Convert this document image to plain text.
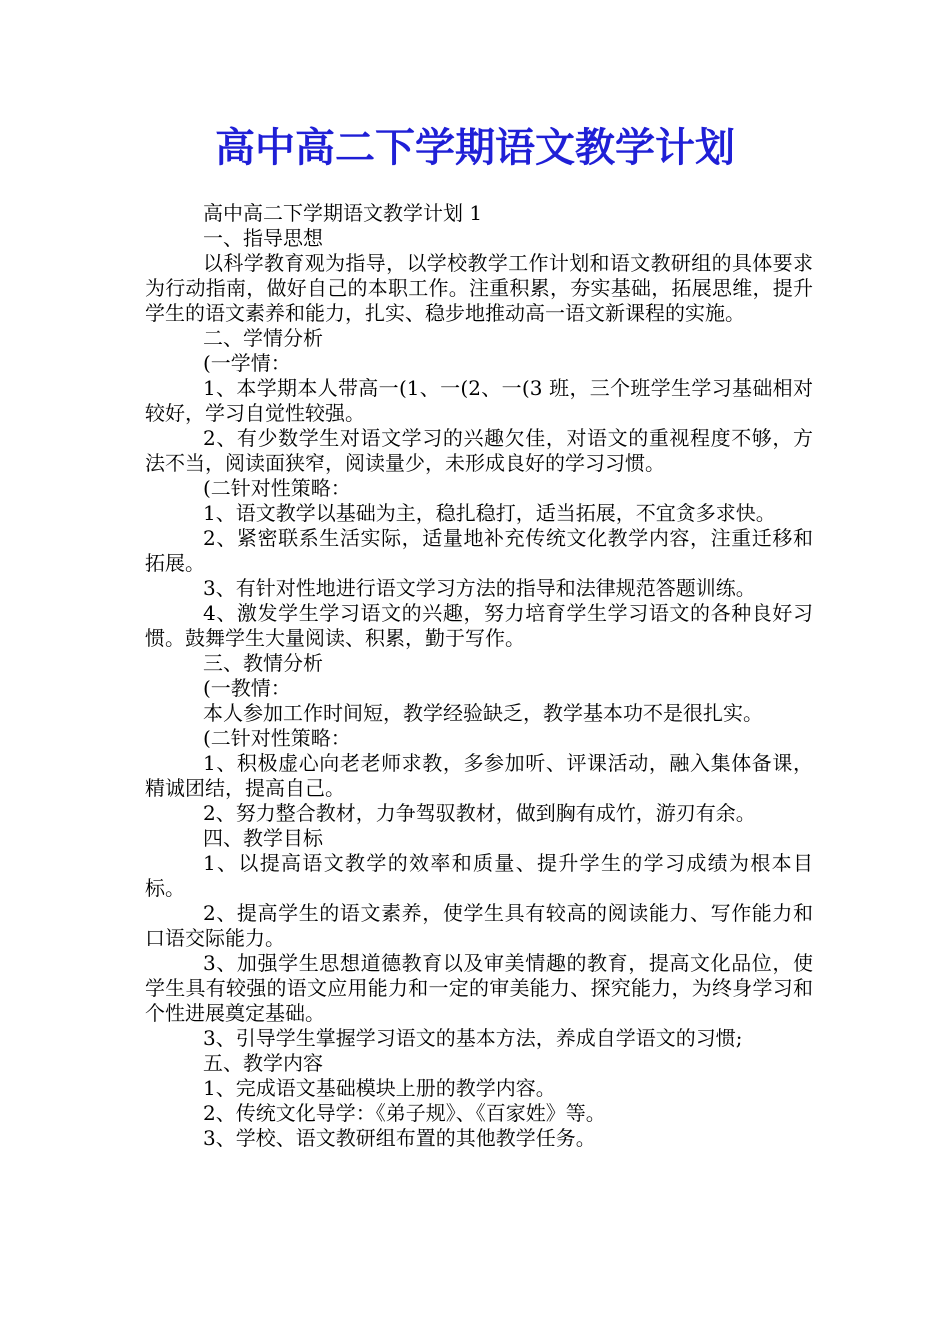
高中高二下学期语文教学计划

高中高二下学期语文教学计划 1

一、指导思想

以科学教育观为指导，以学校教学工作计划和语文教研组的具体要求为行动指南，做好自己的本职工作。注重积累，夯实基础，拓展思维，提升学生的语文素养和能力，扎实、稳步地推动高一语文新课程的实施。

二、学情分析

(一学情：

1、本学期本人带高一(1、一(2、一(3 班，三个班学生学习基础相对较好，学习自觉性较强。

2、有少数学生对语文学习的兴趣欠佳，对语文的重视程度不够，方法不当，阅读面狭窄，阅读量少，未形成良好的学习习惯。

(二针对性策略：

1、语文教学以基础为主，稳扎稳打，适当拓展，不宜贪多求快。

2、紧密联系生活实际，适量地补充传统文化教学内容，注重迁移和拓展。

3、有针对性地进行语文学习方法的指导和法律规范答题训练。

4、激发学生学习语文的兴趣，努力培育学生学习语文的各种良好习惯。鼓舞学生大量阅读、积累，勤于写作。

三、教情分析

(一教情：

本人参加工作时间短，教学经验缺乏，教学基本功不是很扎实。

(二针对性策略：

1、积极虚心向老老师求教，多参加听、评课活动，融入集体备课，精诚团结，提高自己。

2、努力整合教材，力争驾驭教材，做到胸有成竹，游刃有余。

四、教学目标

1、以提高语文教学的效率和质量、提升学生的学习成绩为根本目标。

2、提高学生的语文素养，使学生具有较高的阅读能力、写作能力和口语交际能力。

3、加强学生思想道德教育以及审美情趣的教育，提高文化品位，使学生具有较强的语文应用能力和一定的审美能力、探究能力，为终身学习和个性进展奠定基础。

3、引导学生掌握学习语文的基本方法，养成自学语文的习惯;

五、教学内容

1、完成语文基础模块上册的教学内容。

2、传统文化导学：《弟子规》、《百家姓》等。

3、学校、语文教研组布置的其他教学任务。
